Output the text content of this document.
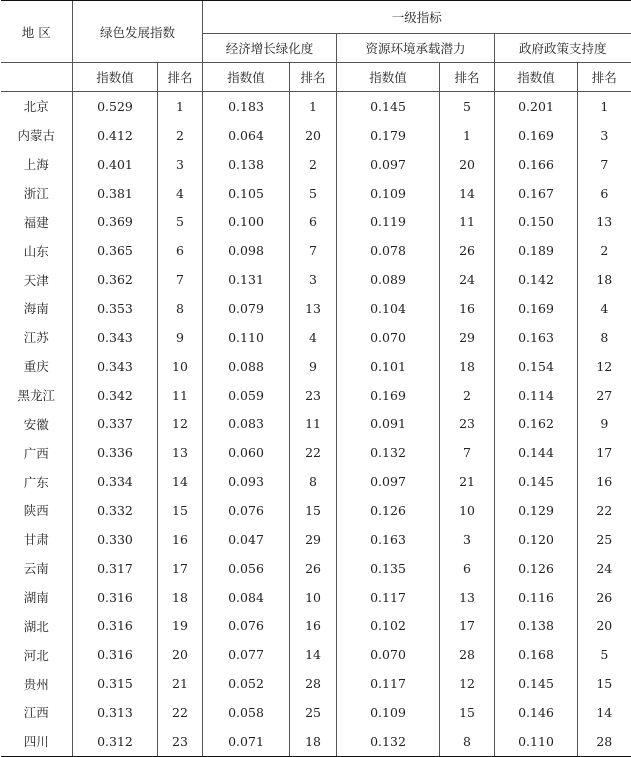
地 区	绿色发展指数		一级指标					
			经济增长绿化度		资源环境承载潜力		政府政策支持度	
	指数值	排名	指数值	排名	指数值	排名	指数值	排名
北京	0.529	1	0.183	1	0.145	5	0.201	1
内蒙古	0.412	2	0.064	20	0.179	1	0.169	3
上海	0.401	3	0.138	2	0.097	20	0.166	7
浙江	0.381	4	0.105	5	0.109	14	0.167	6
福建	0.369	5	0.100	6	0.119	11	0.150	13
山东	0.365	6	0.098	7	0.078	26	0.189	2
天津	0.362	7	0.131	3	0.089	24	0.142	18
海南	0.353	8	0.079	13	0.104	16	0.169	4
江苏	0.343	9	0.110	4	0.070	29	0.163	8
重庆	0.343	10	0.088	9	0.101	18	0.154	12
黑龙江	0.342	11	0.059	23	0.169	2	0.114	27
安徽	0.337	12	0.083	11	0.091	23	0.162	9
广西	0.336	13	0.060	22	0.132	7	0.144	17
广东	0.334	14	0.093	8	0.097	21	0.145	16
陕西	0.332	15	0.076	15	0.126	10	0.129	22
甘肃	0.330	16	0.047	29	0.163	3	0.120	25
云南	0.317	17	0.056	26	0.135	6	0.126	24
湖南	0.316	18	0.084	10	0.117	13	0.116	26
湖北	0.316	19	0.076	16	0.102	17	0.138	20
河北	0.316	20	0.077	14	0.070	28	0.168	5
贵州	0.315	21	0.052	28	0.117	12	0.145	15
江西	0.313	22	0.058	25	0.109	15	0.146	14
四川	0.312	23	0.071	18	0.132	8	0.110	28
